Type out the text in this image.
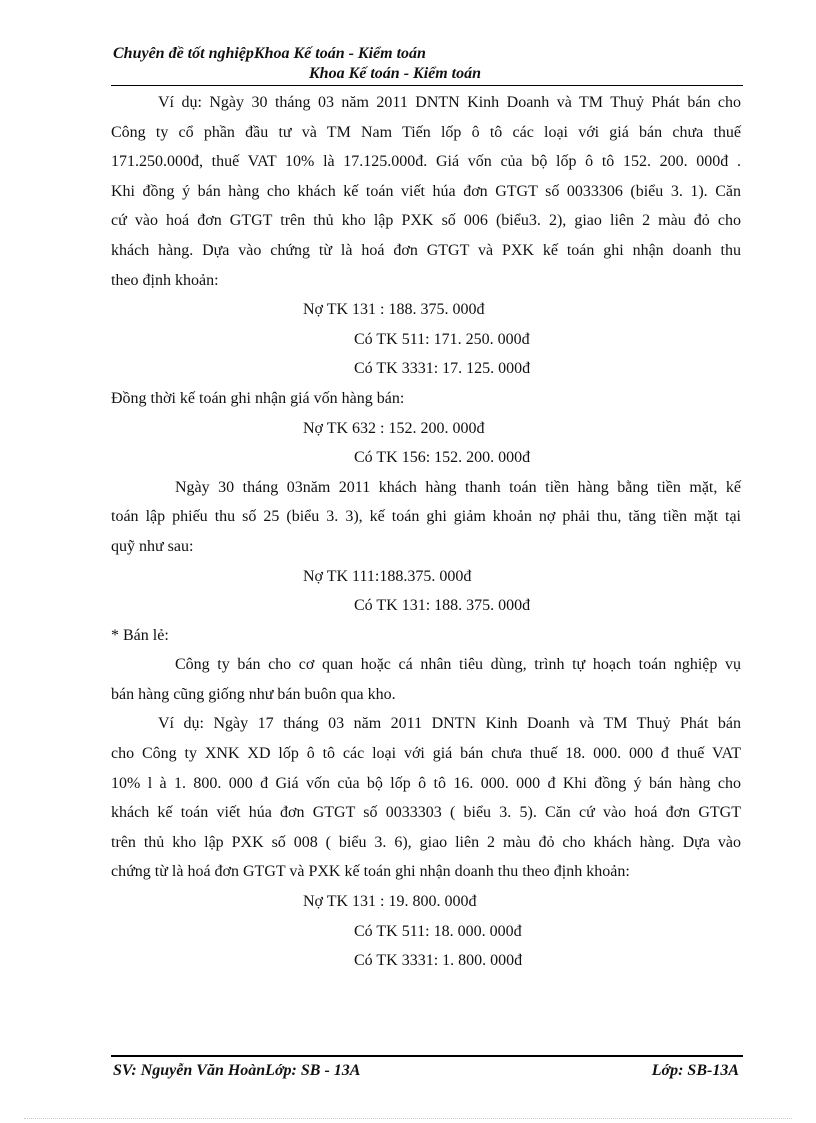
Chuyên đề tốt nghiệpKhoa Kế toán - Kiểm toán
Khoa Kế toán - Kiểm toán
Ví dụ: Ngày 30 tháng 03 năm 2011 DNTN Kinh Doanh và TM Thuỷ Phát bán cho
Công ty cổ phần đầu tư và TM Nam Tiến lốp ô tô các loại với giá bán chưa thuế
171.250.000đ, thuế VAT 10% là 17.125.000đ. Giá vốn của bộ lốp ô tô 152. 200. 000đ .
Khi đồng ý bán hàng cho khách kế toán viết húa đơn GTGT số 0033306 (biểu 3. 1). Căn
cứ vào hoá đơn GTGT trên thủ kho lập PXK số 006 (biểu3. 2), giao liên 2 màu đỏ cho
khách hàng. Dựa vào chứng từ là hoá đơn GTGT và PXK kế toán ghi nhận doanh thu
theo định khoản:
Nợ TK 131 : 188. 375. 000đ
Có TK 511: 171. 250. 000đ
Có TK 3331: 17. 125. 000đ
Đồng thời kế toán ghi nhận giá vốn hàng bán:
Nợ TK 632 : 152. 200. 000đ
Có TK 156: 152. 200. 000đ
Ngày 30 tháng 03năm 2011 khách hàng thanh toán tiền hàng bằng tiền mặt, kế
toán lập phiếu thu số 25 (biểu 3. 3), kế toán ghi giảm khoản nợ phải thu, tăng tiền mặt tại
quỹ như sau:
Nợ TK 111:188.375. 000đ
Có TK 131: 188. 375. 000đ
* Bán lẻ:
Công ty bán cho cơ quan hoặc cá nhân tiêu dùng, trình tự hoạch toán nghiệp vụ
bán hàng cũng giống như bán buôn qua kho.
Ví dụ: Ngày 17 tháng 03 năm 2011 DNTN Kinh Doanh và TM Thuỷ Phát bán
cho Công ty XNK XD lốp ô tô các loại với giá bán chưa thuế 18. 000. 000 đ thuế VAT
10% l à 1. 800. 000 đ Giá vốn của bộ lốp ô tô 16. 000. 000 đ Khi đồng ý bán hàng cho
khách kế toán viết húa đơn GTGT số 0033303 ( biểu 3. 5). Căn cứ vào hoá đơn GTGT
trên thủ kho lập PXK số 008 ( biểu 3. 6), giao liên 2 màu đỏ cho khách hàng. Dựa vào
chứng từ là hoá đơn GTGT và PXK kế toán ghi nhận doanh thu theo định khoản:
Nợ TK 131 : 19. 800. 000đ
Có TK 511: 18. 000. 000đ
Có TK 3331: 1. 800. 000đ
SV: Nguyễn Văn HoànLớp: SB - 13A	Lớp: SB-13A
